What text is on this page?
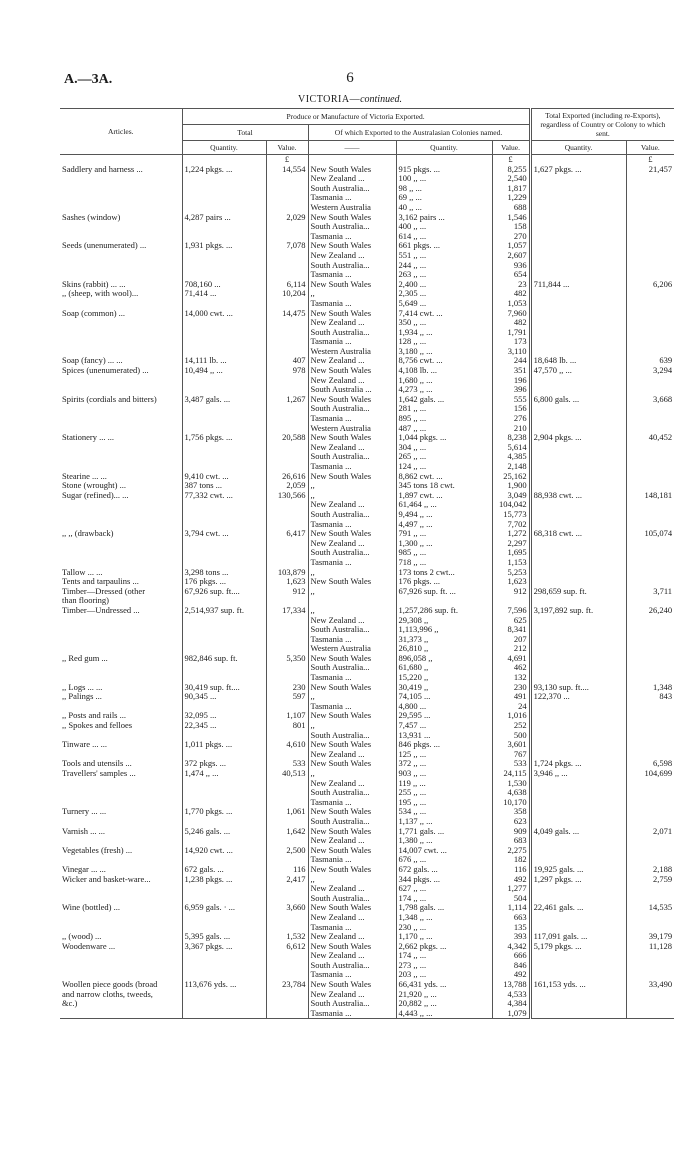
A.—3A.	6
VICTORIA—continued.
Articles.	Produce or Manufacture of Victoria Exported.					Total Exported (including re-Exports), regardless of Country or Colony to which sent.	
	Total		Of which Exported to the Australasian Colonies named.				
	Quantity.	Value.	——	Quantity.	Value.	Quantity.	Value.
		£			£		£
Saddlery and harness ...	1,224 pkgs. ...	14,554	New South Wales	915 pkgs. ...	8,255	1,627 pkgs. ...	21,457
			New Zealand ...	100 ,, ...	2,540		
			South Australia...	98 ,, ...	1,817		
			Tasmania ...	69 ,, ...	1,229		
			Western Australia	40 ,, ...	688		
Sashes (window)	4,287 pairs ...	2,029	New South Wales	3,162 pairs ...	1,546		
			South Australia...	400 ,, ...	158		
			Tasmania ...	614 ,, ...	270		
Seeds (unenumerated) ...	1,931 pkgs. ...	7,078	New South Wales	661 pkgs. ...	1,057		
			New Zealand ...	551 ,, ...	2,607		
			South Australia...	244 ,, ...	936		
			Tasmania ...	263 ,, ...	654		
Skins (rabbit) ... ...	708,160 ...	6,114	New South Wales	2,400 ...	23	711,844 ...	6,206
,, (sheep, with wool)...	71,414 ...	10,204	,,	2,305 ...	482		
			Tasmania ...	5,649 ...	1,053		
Soap (common) ...	14,000 cwt. ...	14,475	New South Wales	7,414 cwt. ...	7,960		
			New Zealand ...	350 ,, ...	482		
			South Australia...	1,934 ,, ...	1,791		
			Tasmania ...	128 ,, ...	173		
			Western Australia	3,180 ,, ...	3,110		
Soap (fancy) ... ...	14,111 lb. ...	407	New Zealand ...	8,756 cwt. ...	244	18,648 lb. ...	639
Spices (unenumerated) ...	10,494 ,, ...	978	New South Wales	4,108 lb. ...	351	47,570 ,, ...	3,294
			New Zealand ...	1,680 ,, ...	196		
			South Australia ...	4,273 ,, ...	396		
Spirits (cordials and bitters)	3,487 gals. ...	1,267	New South Wales	1,642 gals. ...	555	6,800 gals. ...	3,668
			South Australia...	281 ,, ...	156		
			Tasmania ...	895 ,, ...	276		
			Western Australia	487 ,, ...	210		
Stationery ... ...	1,756 pkgs. ...	20,588	New South Wales	1,044 pkgs. ...	8,238	2,904 pkgs. ...	40,452
			New Zealand ...	304 ,, ...	5,614		
			South Australia...	265 ,, ...	4,385		
			Tasmania ...	124 ,, ...	2,148		
Stearine ... ...	9,410 cwt. ...	26,616	New South Wales	8,862 cwt. ...	25,162		
Stone (wrought) ...	387 tons ...	2,059	,,	345 tons 18 cwt.	1,900		
Sugar (refined)... ...	77,332 cwt. ...	130,566	,,	1,897 cwt. ...	3,049	88,938 cwt. ...	148,181
			New Zealand ...	61,464 ,, ...	104,042		
			South Australia...	9,494 ,, ...	15,773		
			Tasmania ...	4,497 ,, ...	7,702		
,, ,, (drawback)	3,794 cwt. ...	6,417	New South Wales	791 ,, ...	1,272	68,318 cwt. ...	105,074
			New Zealand ...	1,300 ,, ...	2,297		
			South Australia...	985 ,, ...	1,695		
			Tasmania ...	718 ,, ...	1,153		
Tallow ... ...	3,298 tons ...	103,879	,,	173 tons 2 cwt...	5,253		
Tents and tarpaulins ...	176 pkgs. ...	1,623	New South Wales	176 pkgs. ...	1,623		
Timber—Dressed (other	67,926 sup. ft....	912	,,	67,926 sup. ft. ...	912	298,659 sup. ft.	3,711
than flooring)							
Timber—Undressed ...	2,514,937 sup. ft.	17,334	,,	1,257,286 sup. ft.	7,596	3,197,892 sup. ft.	26,240
			New Zealand ...	29,308 ,,	625		
			South Australia...	1,113,996 ,,	8,341		
			Tasmania ...	31,373 ,,	207		
			Western Australia	26,810 ,,	212		
,, Red gum ...	982,846 sup. ft.	5,350	New South Wales	896,058 ,,	4,691		
			South Australia...	61,680 ,,	462		
			Tasmania ...	15,220 ,,	132		
,, Logs ... ...	30,419 sup. ft....	230	New South Wales	30,419 ,,	230	93,130 sup. ft....	1,348
,, Palings ...	90,345 ...	597	,,	74,105 ...	491	122,370 ...	843
			Tasmania ...	4,800 ...	24		
,, Posts and rails ...	32,095 ...	1,107	New South Wales	29,595 ...	1,016		
,, Spokes and felloes	22,345 ...	801	,,	7,457 ...	252		
			South Australia...	13,931 ...	500		
Tinware ... ...	1,011 pkgs. ...	4,610	New South Wales	846 pkgs. ...	3,601		
			New Zealand ...	125 ,, ...	767		
Tools and utensils ...	372 pkgs. ...	533	New South Wales	372 ,, ...	533	1,724 pkgs. ...	6,598
Travellers' samples ...	1,474 ,, ...	40,513	,,	903 ,, ...	24,115	3,946 ,, ...	104,699
			New Zealand ...	119 ,, ...	1,530		
			South Australia...	255 ,, ...	4,638		
			Tasmania ...	195 ,, ...	10,170		
Turnery ... ...	1,770 pkgs. ...	1,061	New South Wales	534 ,, ...	358		
			South Australia...	1,137 ,, ...	623		
Varnish ... ...	5,246 gals. ...	1,642	New South Wales	1,771 gals. ...	909	4,049 gals. ...	2,071
			New Zealand ...	1,380 ,, ...	683		
Vegetables (fresh) ...	14,920 cwt. ...	2,500	New South Wales	14,007 cwt. ...	2,275		
			Tasmania ...	676 ,, ...	182		
Vinegar ... ...	672 gals. ...	116	New South Wales	672 gals. ...	116	19,925 gals. ...	2,188
Wicker and basket-ware...	1,238 pkgs. ...	2,417	,,	344 pkgs. ...	492	1,297 pkgs. ...	2,759
			New Zealand ...	627 ,, ...	1,277		
			South Australia...	174 ,, ...	504		
Wine (bottled) ...	6,959 gals. · ...	3,660	New South Wales	1,798 gals. ...	1,114	22,461 gals. ...	14,535
			New Zealand ...	1,348 ,, ...	663		
			Tasmania ...	230 ,, ...	135		
,, (wood) ...	5,395 gals. ...	1,532	New Zealand ...	1,170 ,, ...	393	117,091 gals. ...	39,179
Woodenware ...	3,367 pkgs. ...	6,612	New South Wales	2,662 pkgs. ...	4,342	5,179 pkgs. ...	11,128
			New Zealand ...	174 ,, ...	666		
			South Australia...	273 ,, ...	846		
			Tasmania ...	203 ,, ...	492		
Woollen piece goods (broad	113,676 yds. ...	23,784	New South Wales	66,431 yds. ...	13,788	161,153 yds. ...	33,490
and narrow cloths, tweeds,			New Zealand ...	21,920 ,, ...	4,533		
&c.)			South Australia...	20,882 ,, ...	4,384		
			Tasmania ...	4,443 ,, ...	1,079		
